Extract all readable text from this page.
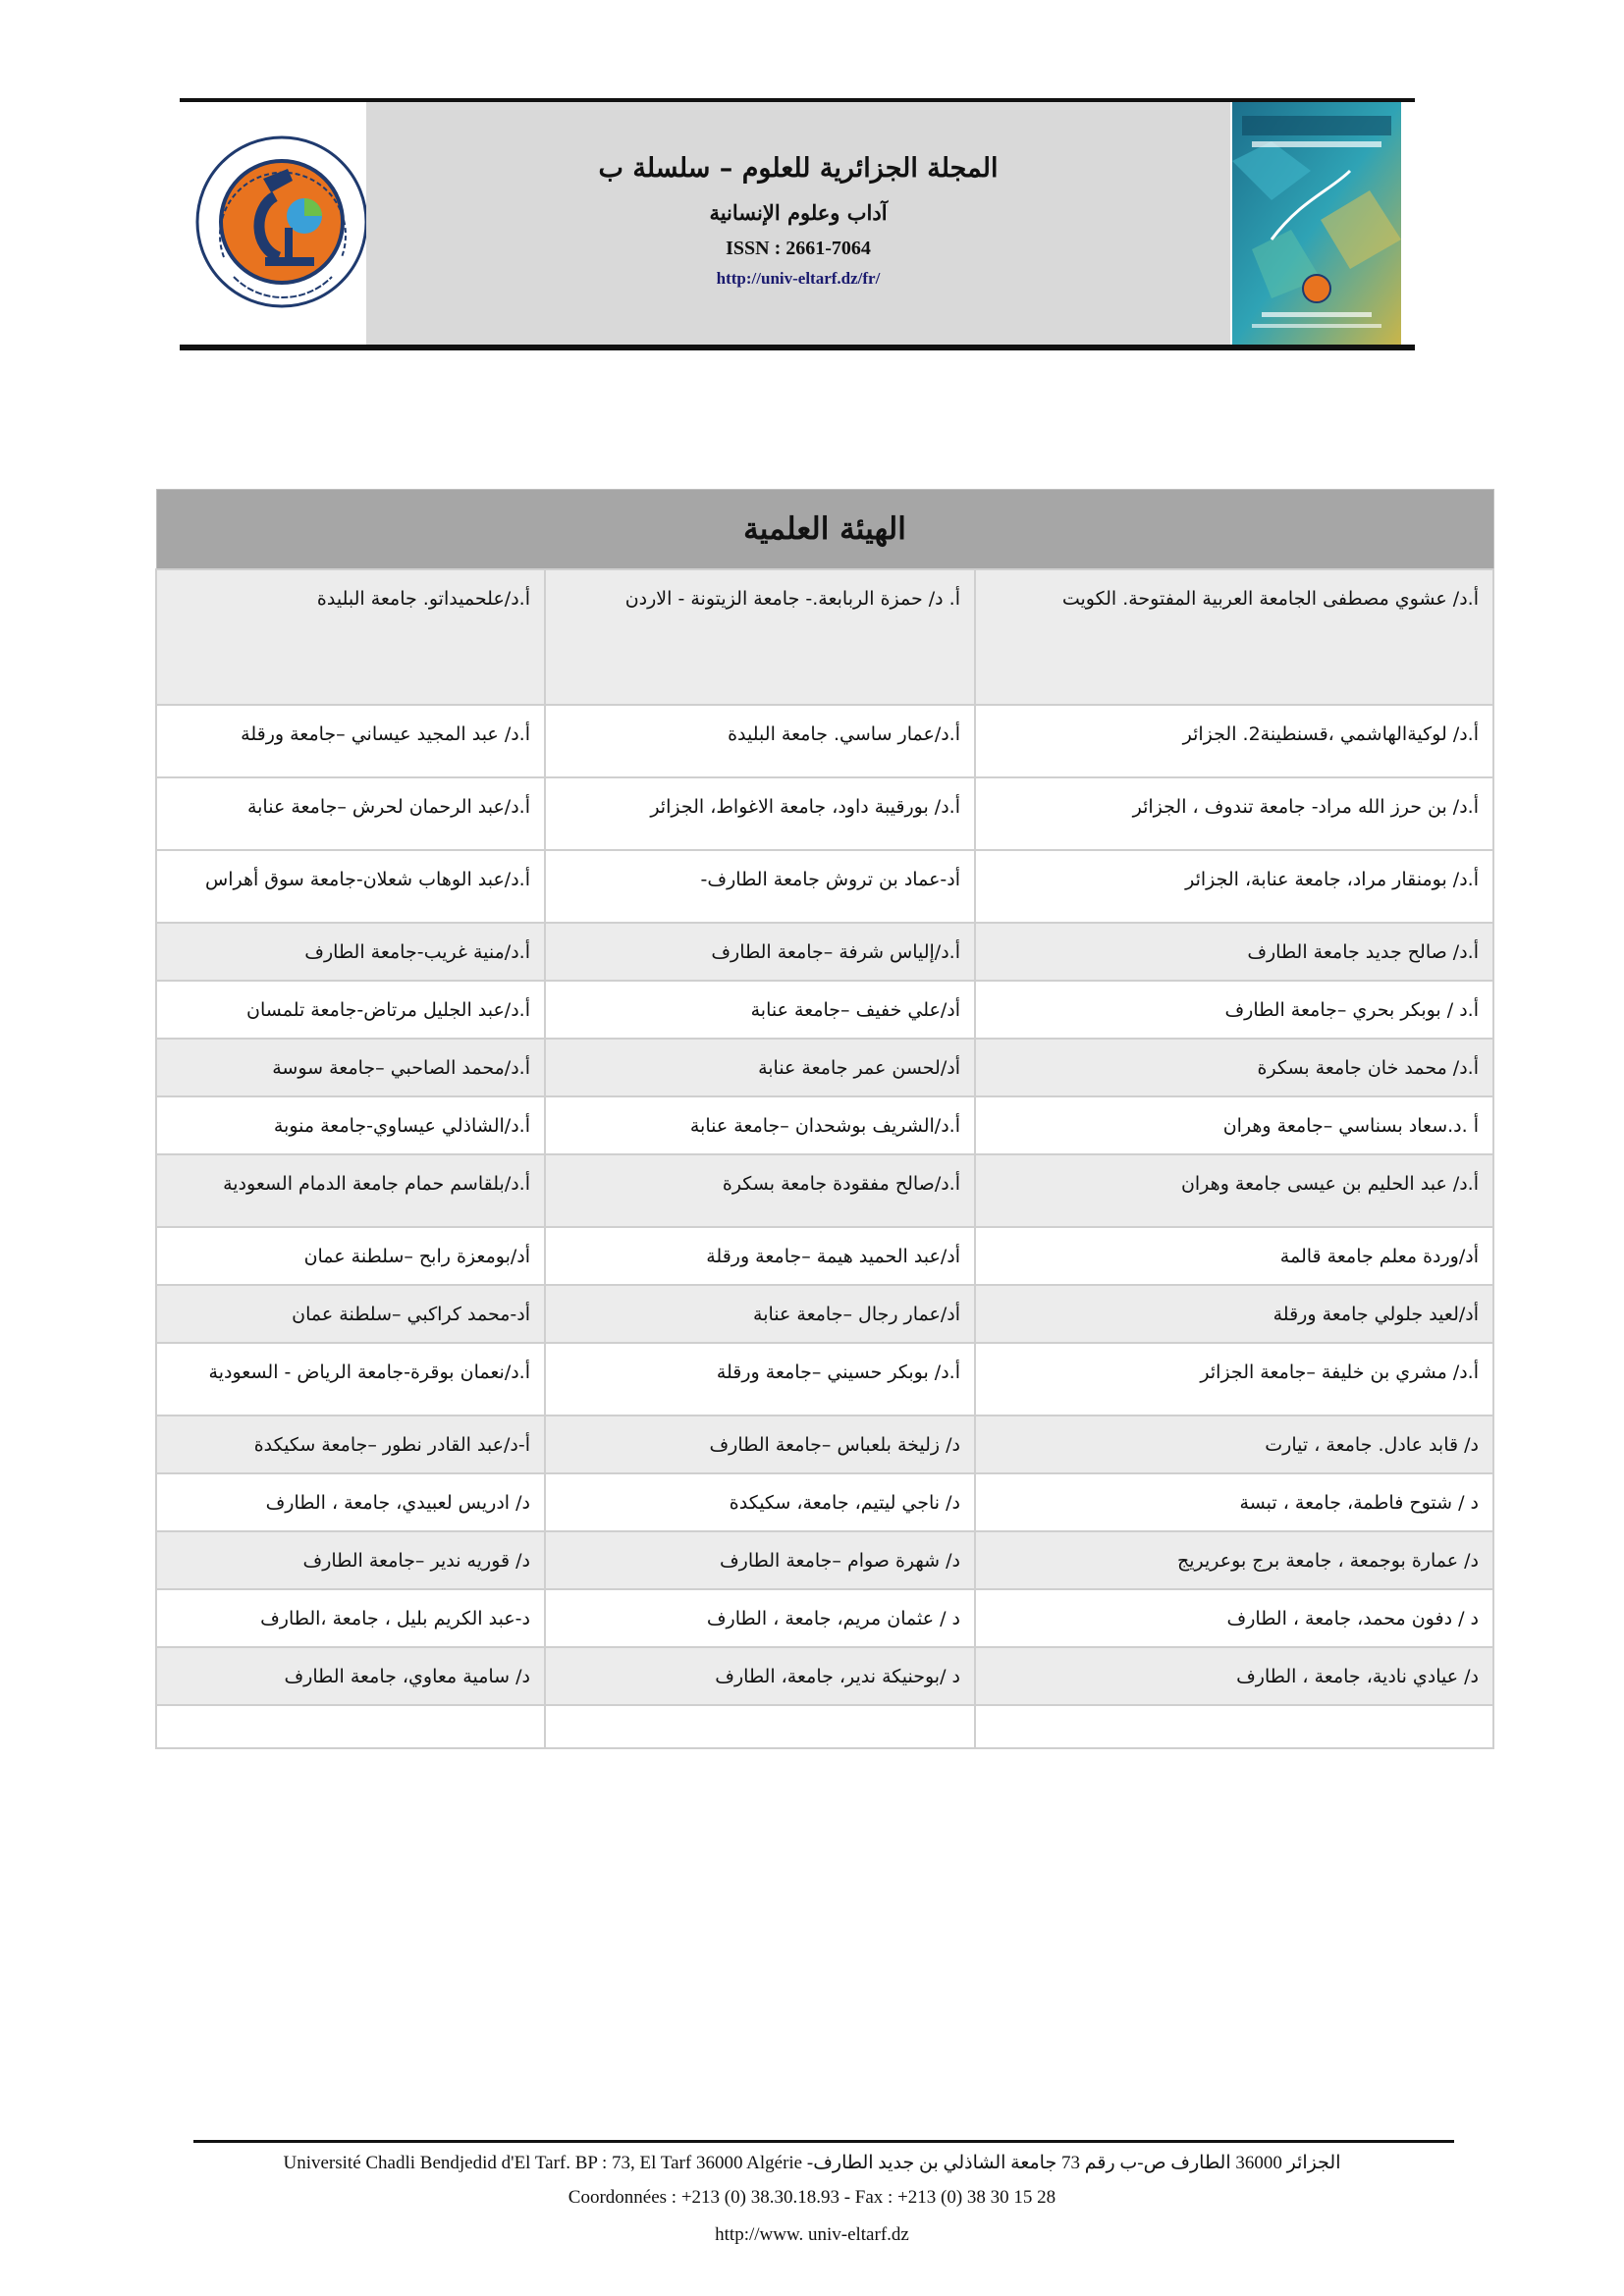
المجلة الجزائرية للعلوم – سلسلة ب
آداب وعلوم الإنسانية
ISSN : 2661-7064
http://univ-eltarf.dz/fr/
الهيئة العلمية		
أ.د/ عشوي مصطفى الجامعة العربية المفتوحة. الكويت	أ. د/ حمزة الربابعة.- جامعة الزيتونة - الاردن	أ.د/علحميداتو. جامعة البليدة
أ.د/ لوكيةالهاشمي ،قسنطينة2. الجزائر	أ.د/عمار ساسي. جامعة البليدة	أ.د/ عبد المجيد عيساني –جامعة ورقلة
أ.د/ بن حرز الله مراد- جامعة تندوف ، الجزائر	أ.د/ بورقيبة داود، جامعة الاغواط، الجزائر	أ.د/عبد الرحمان لحرش –جامعة عنابة
أ.د/ بومنقار مراد، جامعة عنابة، الجزائر	أد-عماد بن تروش جامعة الطارف-	أ.د/عبد الوهاب شعلان-جامعة سوق أهراس
أ.د/ صالح جديد جامعة الطارف	أ.د/إلياس شرفة –جامعة الطارف	أ.د/منية غريب-جامعة الطارف
أ.د / بوبكر بحري –جامعة الطارف	أد/علي خفيف –جامعة عنابة	أ.د/عبد الجليل مرتاض-جامعة تلمسان
أ.د/ محمد خان جامعة بسكرة	أد/لحسن عمر جامعة عنابة	أ.د/محمد الصاحبي –جامعة سوسة
أ .د.سعاد بسناسي –جامعة وهران	أ.د/الشريف بوشحدان –جامعة عنابة	أ.د/الشاذلي عيساوي-جامعة منوبة
أ.د/ عبد الحليم بن عيسى جامعة وهران	أ.د/صالح مفقودة جامعة بسكرة	أ.د/بلقاسم حمام جامعة الدمام السعودية
أد/وردة معلم جامعة قالمة	أد/عبد الحميد هيمة –جامعة ورقلة	أد/بومعزة رابح –سلطنة عمان
أد/لعيد جلولي جامعة ورقلة	أد/عمار رجال –جامعة عنابة	أد-محمد كراكبي –سلطنة عمان
أ.د/ مشري بن خليفة –جامعة الجزائر	أ.د/ بوبكر حسيني –جامعة ورقلة	أ.د/نعمان بوقرة-جامعة الرياض - السعودية
د/ قابد عادل. جامعة ، تيارت	د/ زليخة بلعباس –جامعة الطارف	أ-د/عبد القادر نطور –جامعة سكيكدة
د / شتوح فاطمة، جامعة ، تبسة	د/ ناجي ليتيم، جامعة، سكيكدة	د/ ادريس لعبيدي، جامعة ، الطارف
د/ عمارة بوجمعة ، جامعة برج بوعريريج	د/ شهرة صوام –جامعة الطارف	د/ قوريه ندير –جامعة الطارف
د / دفون محمد، جامعة ، الطارف	د / عثمان مريم، جامعة ، الطارف	د-عبد الكريم بليل ، جامعة ،الطارف
د/ عيادي نادية، جامعة ، الطارف	د /بوحنيكة ندير، جامعة، الطارف	د/ سامية معاوي، جامعة الطارف

Université Chadli Bendjedid d'El Tarf. BP : 73, El Tarf 36000 Algérie -الجزائر 36000 الطارف ص-ب رقم 73 جامعة الشاذلي بن جديد الطارف
Coordonnées : +213 (0) 38.30.18.93 - Fax : +213 (0) 38 30 15 28
http://www. univ-eltarf.dz
